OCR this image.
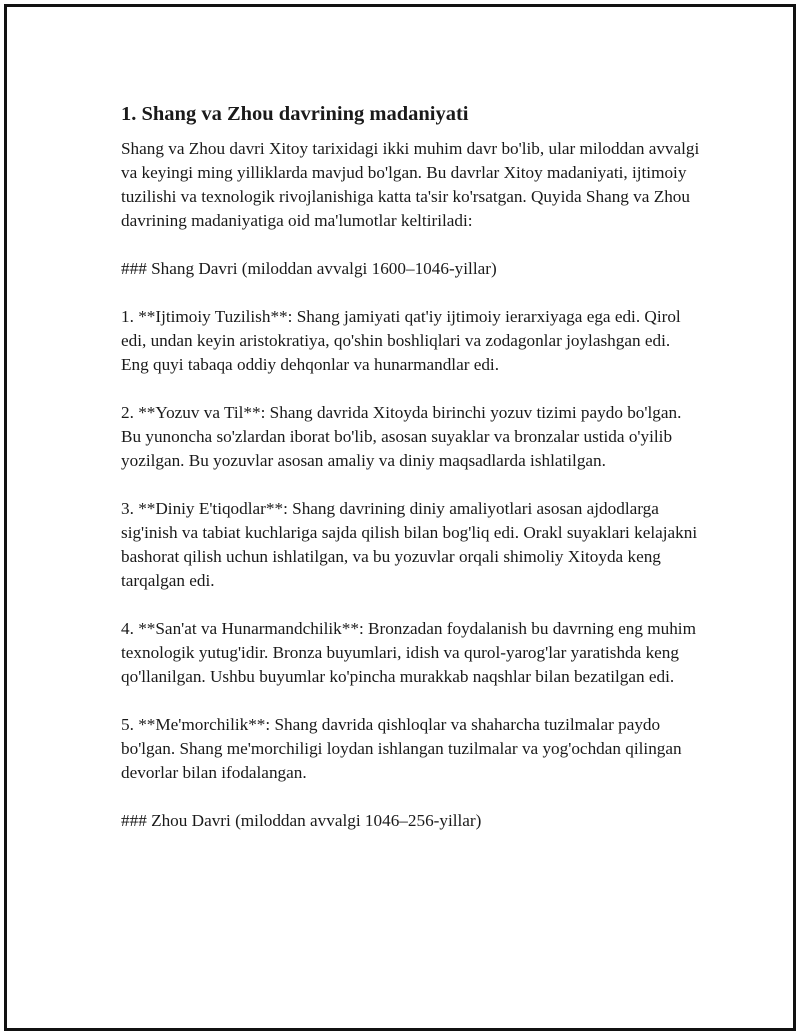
1. Shang va Zhou davrining madaniyati

Shang va Zhou davri Xitoy tarixidagi ikki muhim davr bo'lib, ular miloddan avvalgi va keyingi ming yilliklarda mavjud bo'lgan. Bu davrlar Xitoy madaniyati, ijtimoiy tuzilishi va texnologik rivojlanishiga katta ta'sir ko'rsatgan. Quyida Shang va Zhou davrining madaniyatiga oid ma'lumotlar keltiriladi:

### Shang Davri (miloddan avvalgi 1600–1046-yillar)

1. **Ijtimoiy Tuzilish**: Shang jamiyati qat'iy ijtimoiy ierarxiyaga ega edi. Qirol edi, undan keyin aristokratiya, qo'shin boshliqlari va zodagonlar joylashgan edi. Eng quyi tabaqa oddiy dehqonlar va hunarmandlar edi.

2. **Yozuv va Til**: Shang davrida Xitoyda birinchi yozuv tizimi paydo bo'lgan. Bu yunoncha so'zlardan iborat bo'lib, asosan suyaklar va bronzalar ustida o'yilib yozilgan. Bu yozuvlar asosan amaliy va diniy maqsadlarda ishlatilgan.

3. **Diniy E'tiqodlar**: Shang davrining diniy amaliyotlari asosan ajdodlarga sig'inish va tabiat kuchlariga sajda qilish bilan bog'liq edi. Orakl suyaklari kelajakni bashorat qilish uchun ishlatilgan, va bu yozuvlar orqali shimoliy Xitoyda keng tarqalgan edi.

4. **San'at va Hunarmandchilik**: Bronzadan foydalanish bu davrning eng muhim texnologik yutug'idir. Bronza buyumlari, idish va qurol-yarog'lar yaratishda keng qo'llanilgan. Ushbu buyumlar ko'pincha murakkab naqshlar bilan bezatilgan edi.

5. **Me'morchilik**: Shang davrida qishloqlar va shaharcha tuzilmalar paydo bo'lgan. Shang me'morchiligi loydan ishlangan tuzilmalar va yog'ochdan qilingan devorlar bilan ifodalangan.

### Zhou Davri (miloddan avvalgi 1046–256-yillar)
